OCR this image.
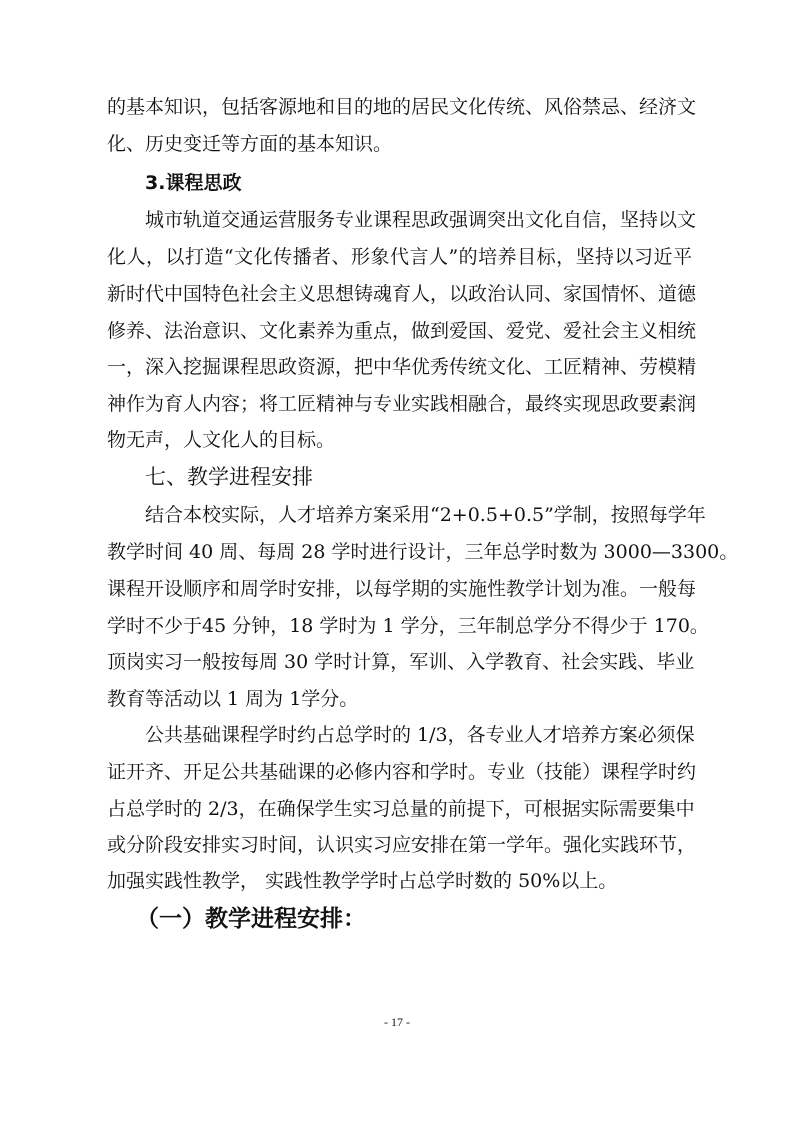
的基本知识，包括客源地和目的地的居民文化传统、风俗禁忌、经济文
化、历史变迁等方面的基本知识。
3.课程思政
城市轨道交通运营服务专业课程思政强调突出文化自信，坚持以文
化人，以打造“文化传播者、形象代言人”的培养目标，坚持以习近平
新时代中国特色社会主义思想铸魂育人，以政治认同、家国情怀、道德
修养、法治意识、文化素养为重点，做到爱国、爱党、爱社会主义相统
一，深入挖掘课程思政资源，把中华优秀传统文化、工匠精神、劳模精
神作为育人内容；将工匠精神与专业实践相融合，最终实现思政要素润
物无声，人文化人的目标。
七、教学进程安排
结合本校实际，人才培养方案采用“2+0.5+0.5”学制，按照每学年
教学时间 40 周、每周 28 学时进行设计，三年总学时数为 3000—3300。
课程开设顺序和周学时安排，以每学期的实施性教学计划为准。一般每
学时不少于45 分钟，18 学时为 1 学分，三年制总学分不得少于 170。
顶岗实习一般按每周 30 学时计算，军训、入学教育、社会实践、毕业
教育等活动以 1 周为 1学分。
公共基础课程学时约占总学时的 1/3，各专业人才培养方案必须保
证开齐、开足公共基础课的必修内容和学时。专业（技能）课程学时约
占总学时的 2/3，在确保学生实习总量的前提下，可根据实际需要集中
或分阶段安排实习时间，认识实习应安排在第一学年。强化实践环节，
加强实践性教学， 实践性教学学时占总学时数的 50%以上。
（一）教学进程安排：
- 17 -
